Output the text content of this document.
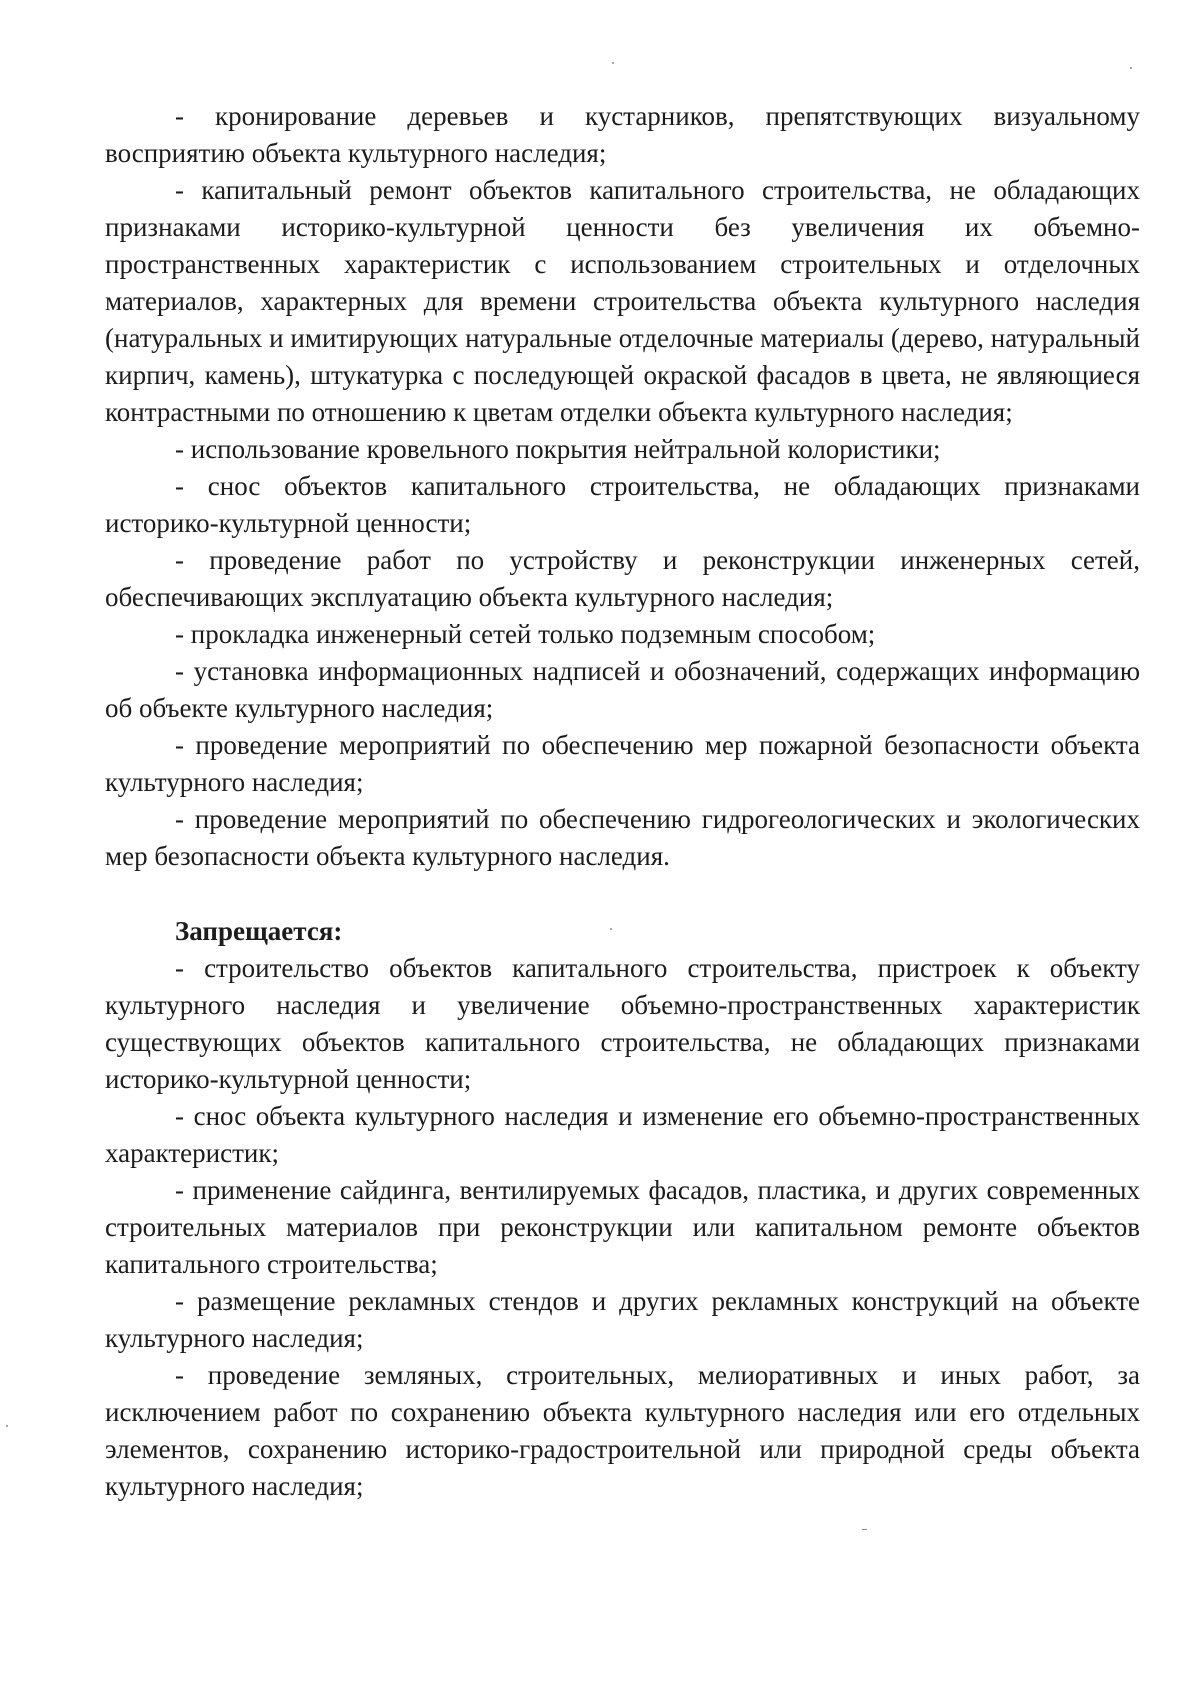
- кронирование деревьев и кустарников, препятствующих визуальному восприятию объекта культурного наследия;

- капитальный ремонт объектов капитального строительства, не обладающих признаками историко-культурной ценности без увеличения их объемно-пространственных характеристик с использованием строительных и отделочных материалов, характерных для времени строительства объекта культурного наследия (натуральных и имитирующих натуральные отделочные материалы (дерево, натуральный кирпич, камень), штукатурка с последующей окраской фасадов в цвета, не являющиеся контрастными по отношению к цветам отделки объекта культурного наследия;

- использование кровельного покрытия нейтральной колористики;

- снос объектов капитального строительства, не обладающих признаками историко-культурной ценности;

- проведение работ по устройству и реконструкции инженерных сетей, обеспечивающих эксплуатацию объекта культурного наследия;

- прокладка инженерный сетей только подземным способом;

- установка информационных надписей и обозначений, содержащих информацию об объекте культурного наследия;

- проведение мероприятий по обеспечению мер пожарной безопасности объекта культурного наследия;

- проведение мероприятий по обеспечению гидрогеологических и экологических мер безопасности объекта культурного наследия.

Запрещается:

- строительство объектов капитального строительства, пристроек к объекту культурного наследия и увеличение объемно-пространственных характеристик существующих объектов капитального строительства, не обладающих признаками историко-культурной ценности;

- снос объекта культурного наследия и изменение его объемно-пространственных характеристик;

- применение сайдинга, вентилируемых фасадов, пластика, и других современных строительных материалов при реконструкции или капитальном ремонте объектов капитального строительства;

- размещение рекламных стендов и других рекламных конструкций на объекте культурного наследия;

- проведение земляных, строительных, мелиоративных и иных работ, за исключением работ по сохранению объекта культурного наследия или его отдельных элементов, сохранению историко-градостроительной или природной среды объекта культурного наследия;
